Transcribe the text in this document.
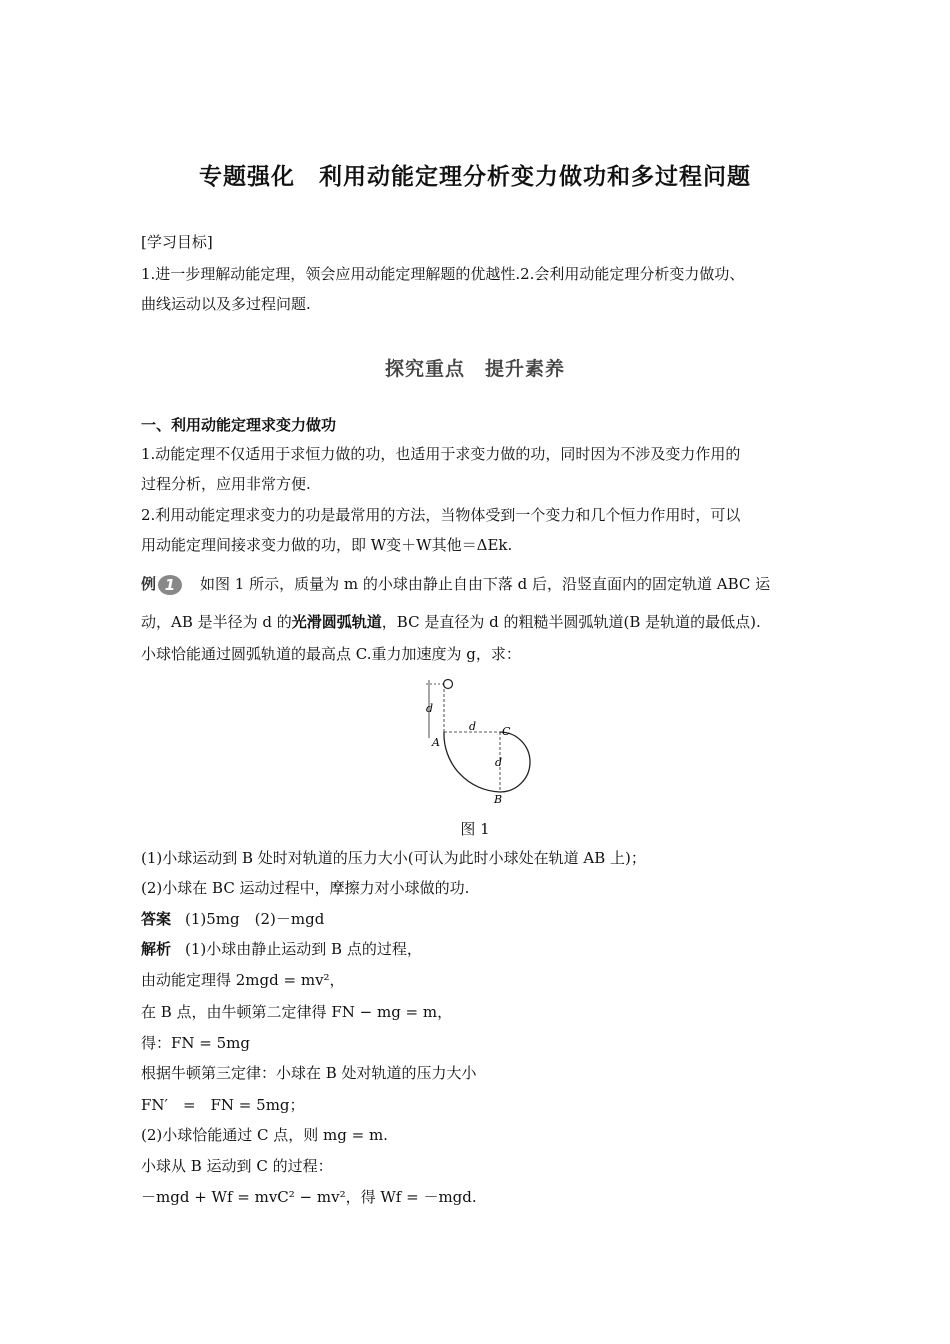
专题强化　利用动能定理分析变力做功和多过程问题
[学习目标]
1.进一步理解动能定理，领会应用动能定理解题的优越性.2.会利用动能定理分析变力做功、
曲线运动以及多过程问题.
探究重点　提升素养
一、利用动能定理求变力做功
1.动能定理不仅适用于求恒力做的功，也适用于求变力做的功，同时因为不涉及变力作用的
过程分析，应用非常方便.
2.利用动能定理求变力的功是最常用的方法，当物体受到一个变力和几个恒力作用时，可以
用动能定理间接求变力做的功，即 W变＋W其他＝ΔEk.
例 1 如图 1 所示，质量为 m 的小球由静止自由下落 d 后，沿竖直面内的固定轨道 ABC 运
动，AB 是半径为 d 的光滑圆弧轨道，BC 是直径为 d 的粗糙半圆弧轨道(B 是轨道的最低点).
小球恰能通过圆弧轨道的最高点 C.重力加速度为 g，求：
d
d
d
A
C
B
图 1
(1)小球运动到 B 处时对轨道的压力大小(可认为此时小球处在轨道 AB 上)；
(2)小球在 BC 运动过程中，摩擦力对小球做的功.
答案 (1)5mg　(2)－mgd
解析 (1)小球由静止运动到 B 点的过程，
由动能定理得 2mgd = mv²，
在 B 点，由牛顿第二定律得 FN − mg = m，
得：FN = 5mg
根据牛顿第三定律：小球在 B 处对轨道的压力大小
FN′　=　FN = 5mg；
(2)小球恰能通过 C 点，则 mg = m.
小球从 B 运动到 C 的过程：
－mgd + Wf = mvC² − mv²，得 Wf = －mgd.
